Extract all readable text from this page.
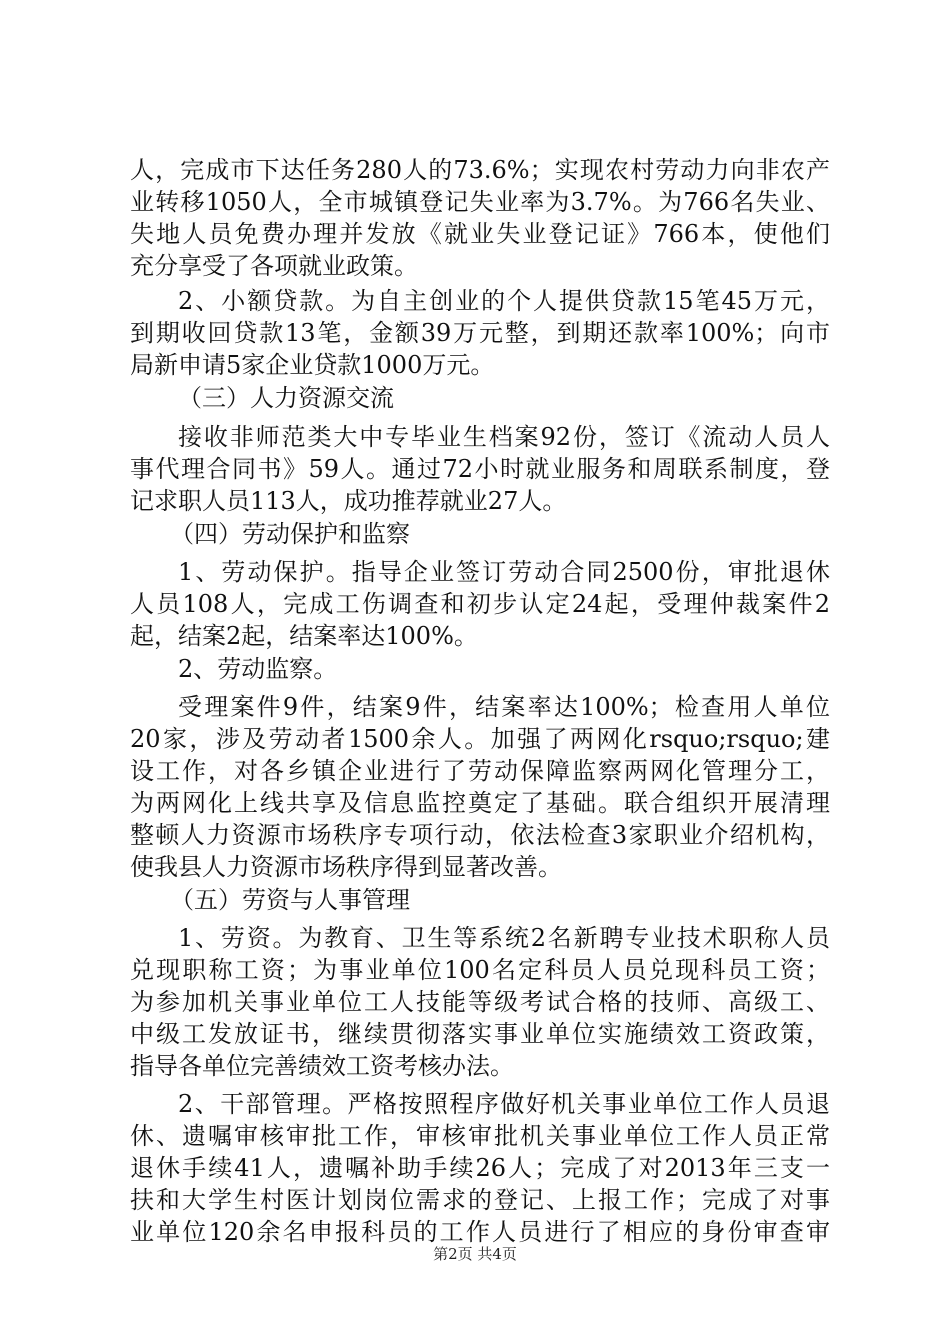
人，完成市下达任务280人的73.6%；实现农村劳动力向非农产
业转移1050人，全市城镇登记失业率为3.7%。为766名失业、
失地人员免费办理并发放《就业失业登记证》766本，使他们
充分享受了各项就业政策。
2、小额贷款。为自主创业的个人提供贷款15笔45万元，
到期收回贷款13笔，金额39万元整，到期还款率100%；向市
局新申请5家企业贷款1000万元。
（三）人力资源交流
接收非师范类大中专毕业生档案92份，签订《流动人员人
事代理合同书》59人。通过72小时就业服务和周联系制度，登
记求职人员113人，成功推荐就业27人。
（四）劳动保护和监察
1、劳动保护。指导企业签订劳动合同2500份，审批退休
人员108人，完成工伤调查和初步认定24起，受理仲裁案件2
起，结案2起，结案率达100%。
2、劳动监察。
受理案件9件，结案9件，结案率达100%；检查用人单位
20家，涉及劳动者1500余人。加强了两网化rsquo;rsquo;建
设工作，对各乡镇企业进行了劳动保障监察两网化管理分工，
为两网化上线共享及信息监控奠定了基础。联合组织开展清理
整顿人力资源市场秩序专项行动，依法检查3家职业介绍机构，
使我县人力资源市场秩序得到显著改善。
（五）劳资与人事管理
1、劳资。为教育、卫生等系统2名新聘专业技术职称人员
兑现职称工资；为事业单位100名定科员人员兑现科员工资；
为参加机关事业单位工人技能等级考试合格的技师、高级工、
中级工发放证书，继续贯彻落实事业单位实施绩效工资政策，
指导各单位完善绩效工资考核办法。
2、干部管理。严格按照程序做好机关事业单位工作人员退
休、遗嘱审核审批工作，审核审批机关事业单位工作人员正常
退休手续41人，遗嘱补助手续26人；完成了对2013年三支一
扶和大学生村医计划岗位需求的登记、上报工作；完成了对事
业单位120余名申报科员的工作人员进行了相应的身份审查审
第2页 共4页
